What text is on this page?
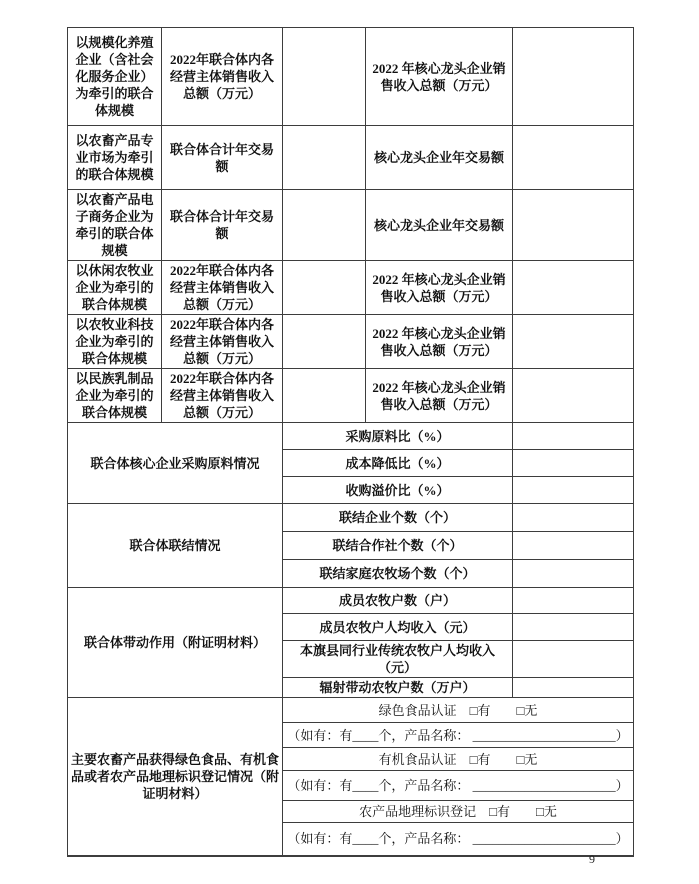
以规模化养殖企业（含社会化服务企业）为牵引的联合体规模	2022年联合体内各经营主体销售收入总额（万元）		2022 年核心龙头企业销售收入总额（万元）	
以农畜产品专业市场为牵引的联合体规模	联合体合计年交易额		核心龙头企业年交易额	
以农畜产品电子商务企业为牵引的联合体规模	联合体合计年交易额		核心龙头企业年交易额	
以休闲农牧业企业为牵引的联合体规模	2022年联合体内各经营主体销售收入总额（万元）		2022 年核心龙头企业销售收入总额（万元）	
以农牧业科技企业为牵引的联合体规模	2022年联合体内各经营主体销售收入总额（万元）		2022 年核心龙头企业销售收入总额（万元）	
以民族乳制品企业为牵引的联合体规模	2022年联合体内各经营主体销售收入总额（万元）		2022 年核心龙头企业销售收入总额（万元）	
联合体核心企业采购原料情况		采购原料比（%）		
		成本降低比（%）		
		收购溢价比（%）		
联合体联结情况		联结企业个数（个）		
		联结合作社个数（个）		
		联结家庭农牧场个数（个）		
联合体带动作用（附证明材料）		成员农牧户数（户）		
		成员农牧户人均收入（元）		
		本旗县同行业传统农牧户人均收入（元）		
		辐射带动农牧户数（万户）		
主要农畜产品获得绿色食品、有机食品或者农产品地理标识登记情况（附证明材料）		绿色食品认证　□有　　□无		
		（如有：有____个，产品名称： ______________________）		
		有机食品认证　□有　　□无		
		（如有：有____个，产品名称： ______________________）		
		农产品地理标识登记　□有　　□无		
		（如有：有____个，产品名称： ______________________）		
9
